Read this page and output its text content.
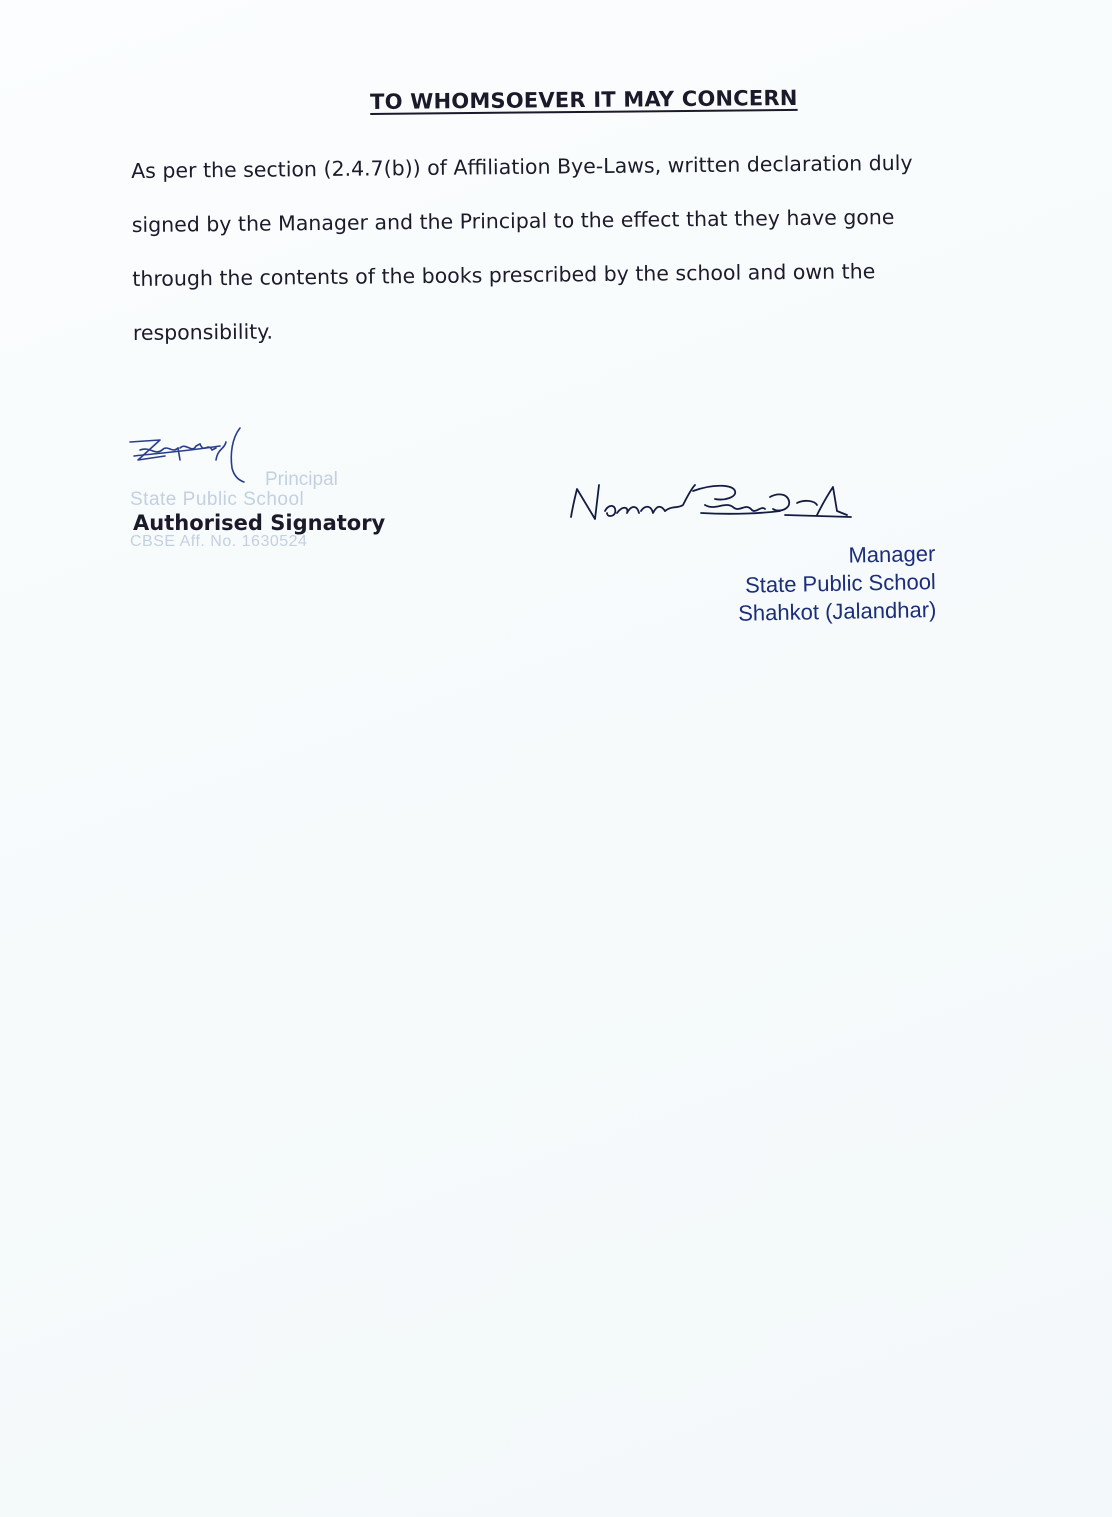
TO WHOMSOEVER IT MAY CONCERN
As per the section (2.4.7(b)) of Affiliation Bye-Laws, written declaration duly
signed by the Manager and the Principal to the effect that they have gone
through the contents of the books prescribed by the school and own the
responsibility.
Principal
State Public School
CBSE Aff. No. 1630524
Authorised Signatory
Manager
State Public School
Shahkot (Jalandhar)
